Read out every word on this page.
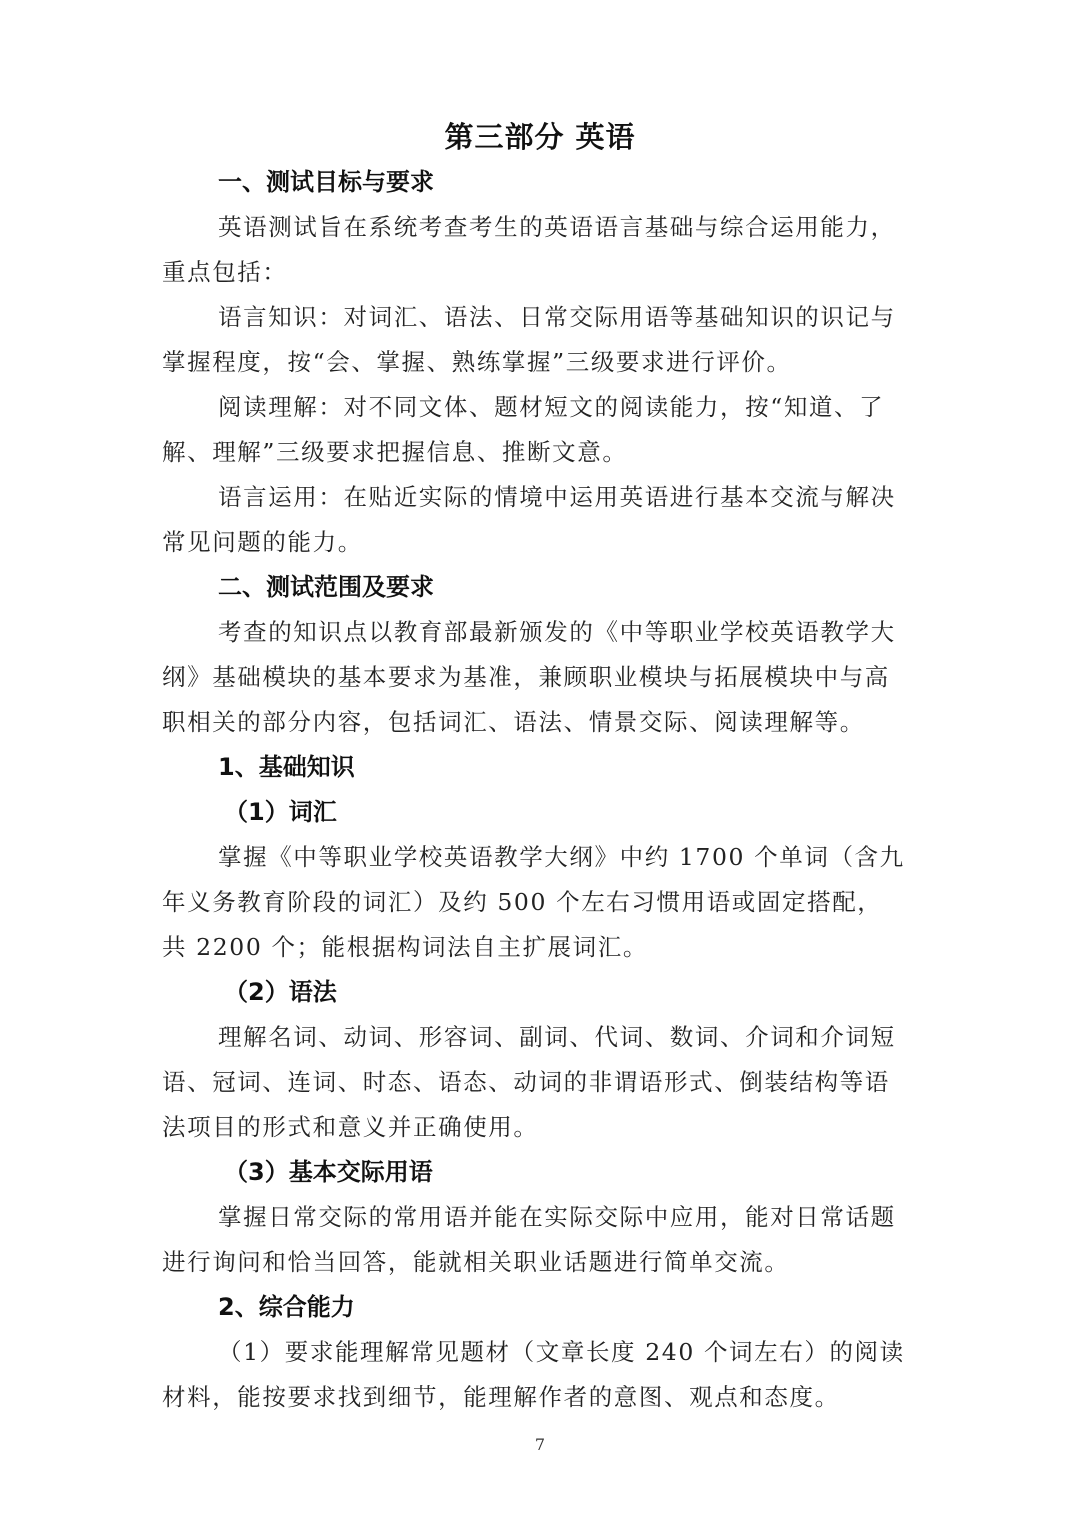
第三部分 英语
一、测试目标与要求
英语测试旨在系统考查考生的英语语言基础与综合运用能力，
重点包括：
语言知识：对词汇、语法、日常交际用语等基础知识的识记与
掌握程度，按“会、掌握、熟练掌握”三级要求进行评价。
阅读理解：对不同文体、题材短文的阅读能力，按“知道、了
解、理解”三级要求把握信息、推断文意。
语言运用：在贴近实际的情境中运用英语进行基本交流与解决
常见问题的能力。
二、测试范围及要求
考查的知识点以教育部最新颁发的《中等职业学校英语教学大
纲》基础模块的基本要求为基准，兼顾职业模块与拓展模块中与高
职相关的部分内容，包括词汇、语法、情景交际、阅读理解等。
1、基础知识
（1）词汇
掌握《中等职业学校英语教学大纲》中约 1700 个单词（含九
年义务教育阶段的词汇）及约 500 个左右习惯用语或固定搭配，
共 2200 个；能根据构词法自主扩展词汇。
（2）语法
理解名词、动词、形容词、副词、代词、数词、介词和介词短
语、冠词、连词、时态、语态、动词的非谓语形式、倒装结构等语
法项目的形式和意义并正确使用。
（3）基本交际用语
掌握日常交际的常用语并能在实际交际中应用，能对日常话题
进行询问和恰当回答，能就相关职业话题进行简单交流。
2、综合能力
（1）要求能理解常见题材（文章长度 240 个词左右）的阅读
材料，能按要求找到细节，能理解作者的意图、观点和态度。
7
